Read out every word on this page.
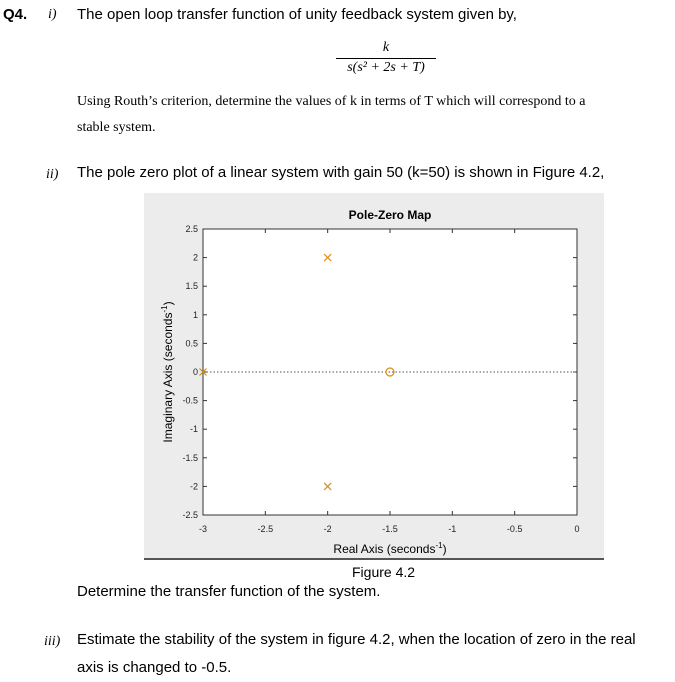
Q4. i) The open loop transfer function of unity feedback system given by,
k
s(s² + 2s + T)
Using Routh’s criterion, determine the values of k in terms of T which will correspond to a
stable system.
ii) The pole zero plot of a linear system with gain 50 (k=50) is shown in Figure 4.2,
Pole-Zero Map
-3	-2.5	-2	-1.5	-1	-0.5	0
2.5
2
1.5
1
0.5
0
-0.5
-1
-1.5
-2
-2.5
Real Axis (seconds$^{-1}$)
Imaginary Axis (seconds$^{-1}$)
Figure 4.2
Determine the transfer function of the system.
iii) Estimate the stability of the system in figure 4.2, when the location of zero in the real
axis is changed to -0.5.
